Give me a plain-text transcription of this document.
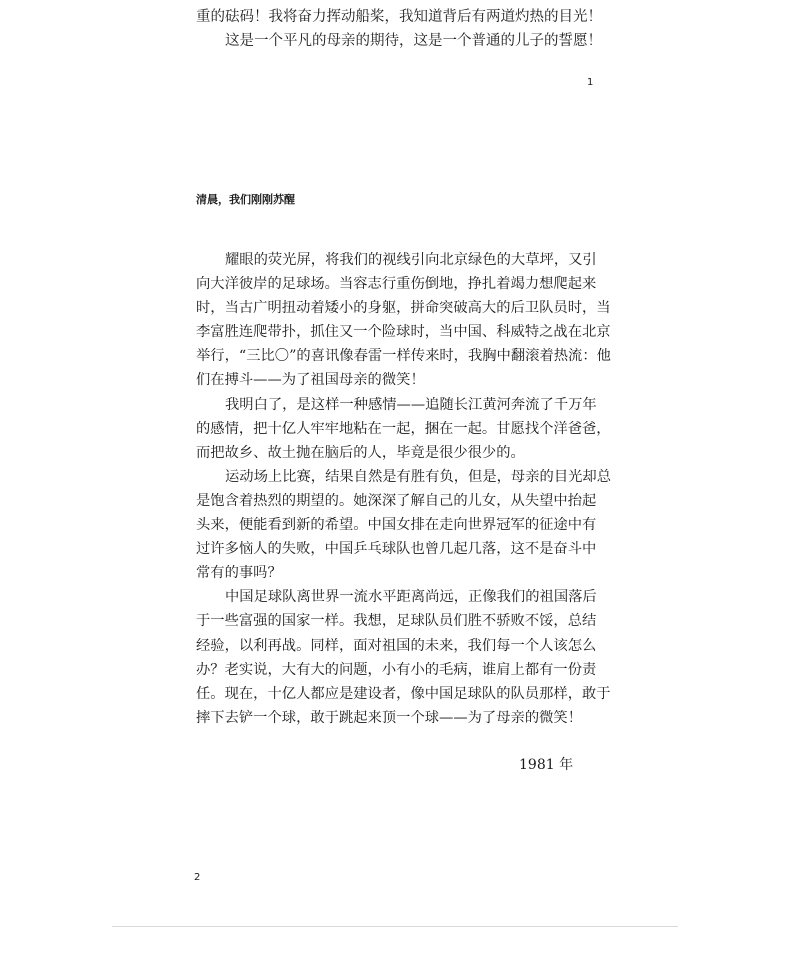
重的砝码！我将奋力挥动船桨，我知道背后有两道灼热的目光！

这是一个平凡的母亲的期待，这是一个普通的儿子的誓愿！

1
清晨，我们刚刚苏醒

耀眼的荧光屏，将我们的视线引向北京绿色的大草坪，又引
向大洋彼岸的足球场。当容志行重伤倒地，挣扎着竭力想爬起来
时，当古广明扭动着矮小的身躯，拼命突破高大的后卫队员时，当
李富胜连爬带扑，抓住又一个险球时，当中国、科威特之战在北京
举行，“三比〇”的喜讯像春雷一样传来时，我胸中翻滚着热流：他
们在搏斗——为了祖国母亲的微笑！

我明白了，是这样一种感情——追随长江黄河奔流了千万年
的感情，把十亿人牢牢地粘在一起，捆在一起。甘愿找个洋爸爸，
而把故乡、故土抛在脑后的人，毕竟是很少很少的。

运动场上比赛，结果自然是有胜有负，但是，母亲的目光却总
是饱含着热烈的期望的。她深深了解自己的儿女，从失望中抬起
头来，便能看到新的希望。中国女排在走向世界冠军的征途中有
过许多恼人的失败，中国乒乓球队也曾几起几落，这不是奋斗中
常有的事吗？

中国足球队离世界一流水平距离尚远，正像我们的祖国落后
于一些富强的国家一样。我想，足球队员们胜不骄败不馁，总结
经验，以利再战。同样，面对祖国的未来，我们每一个人该怎么
办？老实说，大有大的问题，小有小的毛病，谁肩上都有一份责
任。现在，十亿人都应是建设者，像中国足球队的队员那样，敢于
摔下去铲一个球，敢于跳起来顶一个球——为了母亲的微笑！

1981 年
2
